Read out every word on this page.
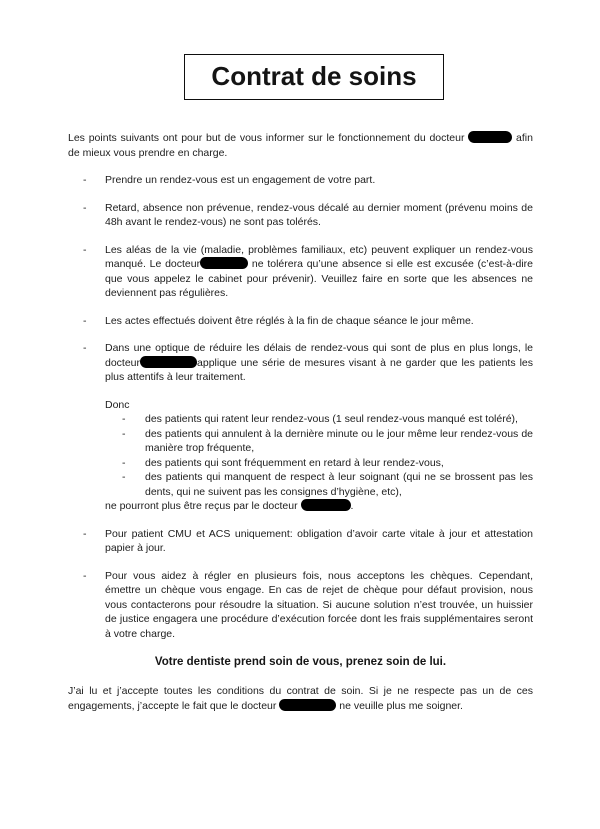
Contrat de soins

Les points suivants ont pour but de vous informer sur le fonctionnement du docteur	afin de mieux vous prendre en charge.

- Prendre un rendez-vous est un engagement de votre part.

- Retard, absence non prévenue, rendez-vous décalé au dernier moment (prévenu moins de 48h avant le rendez-vous) ne sont pas tolérés.

- Les aléas de la vie (maladie, problèmes familiaux, etc) peuvent expliquer un rendez-vous manqué. Le docteur	ne tolérera qu’une absence si elle est excusée (c’est-à-dire que vous appelez le cabinet pour prévenir). Veuillez faire en sorte que les absences ne deviennent pas régulières.

- Les actes effectués doivent être réglés à la fin de chaque séance le jour même.

- Dans une optique de réduire les délais de rendez-vous qui sont de plus en plus longs, le docteur	applique une série de mesures visant à ne garder que les patients les plus attentifs à leur traitement.

Donc
- des patients qui ratent leur rendez-vous (1 seul rendez-vous manqué est toléré),

- des patients qui annulent à la dernière minute ou le jour même leur rendez-vous de manière trop fréquente,

- des patients qui sont fréquemment en retard à leur rendez-vous,

- des patients qui manquent de respect à leur soignant (qui ne se brossent pas les dents, qui ne suivent pas les consignes d’hygiène, etc),

ne pourront plus être reçus par le docteur	.

- Pour patient CMU et ACS uniquement: obligation d’avoir carte vitale à jour et attestation papier à jour.

- Pour vous aidez à régler en plusieurs fois, nous acceptons les chèques. Cependant, émettre un chèque vous engage. En cas de rejet de chèque pour défaut provision, nous vous contacterons pour résoudre la situation. Si aucune solution n’est trouvée, un huissier de justice engagera une procédure d’exécution forcée dont les frais supplémentaires seront à votre charge.

Votre dentiste prend soin de vous, prenez soin de lui.

J’ai lu et j’accepte toutes les conditions du contrat de soin. Si je ne respecte pas un de ces engagements, j’accepte le fait que le docteur	ne veuille plus me soigner.
